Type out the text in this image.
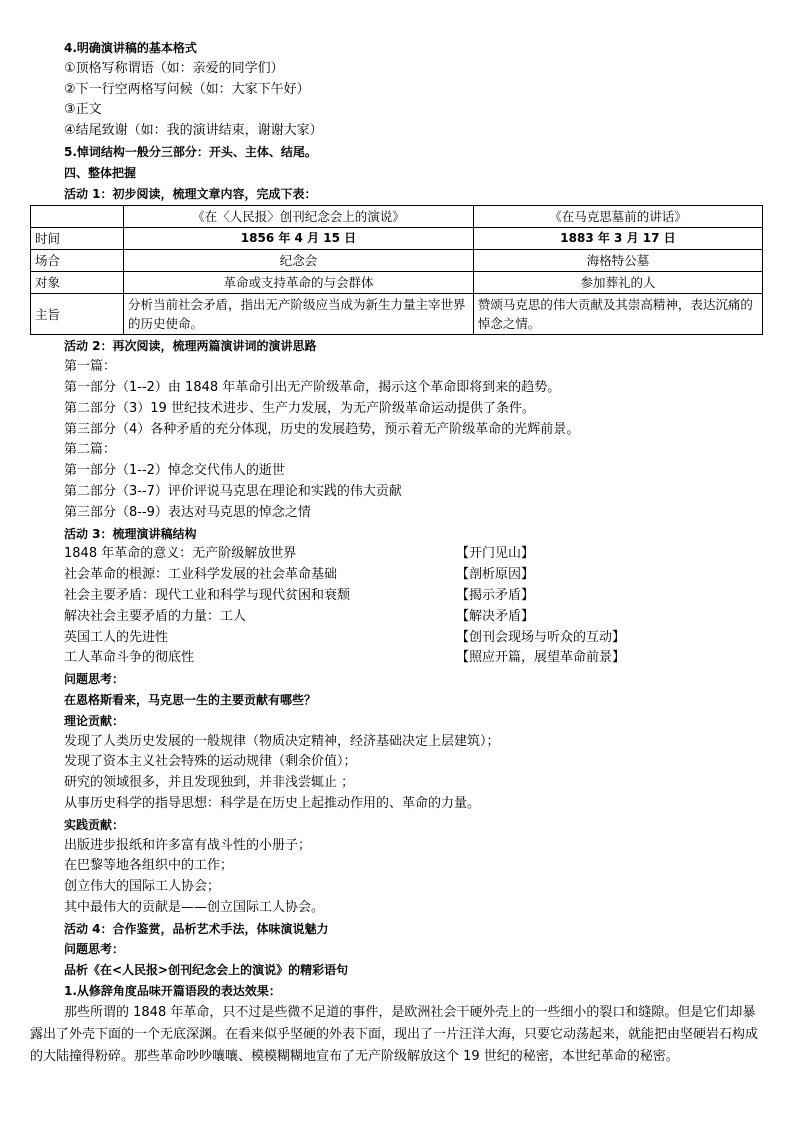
4.明确演讲稿的基本格式
①顶格写称谓语（如：亲爱的同学们）
②下一行空两格写问候（如：大家下午好）
③正文
④结尾致谢（如：我的演讲结束，谢谢大家）
5.悼词结构一般分三部分：开头、主体、结尾。
四、整体把握
活动 1：初步阅读，梳理文章内容，完成下表：
	《在〈人民报〉创刊纪念会上的演说》	《在马克思墓前的讲话》
时间	1856 年 4 月 15 日	1883 年 3 月 17 日
场合	纪念会	海格特公墓
对象	革命或支持革命的与会群体	参加葬礼的人
主旨	分析当前社会矛盾，指出无产阶级应当成为新生力量主宰世界的历史使命。	赞颂马克思的伟大贡献及其崇高精神，表达沉痛的悼念之情。
活动 2：再次阅读，梳理两篇演讲词的演讲思路
第一篇：
第一部分（1--2）由 1848 年革命引出无产阶级革命，揭示这个革命即将到来的趋势。
第二部分（3）19 世纪技术进步、生产力发展，为无产阶级革命运动提供了条件。
第三部分（4）各种矛盾的充分体现，历史的发展趋势，预示着无产阶级革命的光辉前景。
第二篇：
第一部分（1--2）悼念交代伟人的逝世
第二部分（3--7）评价评说马克思在理论和实践的伟大贡献
第三部分（8--9）表达对马克思的悼念之情
活动 3：梳理演讲稿结构
1848 年革命的意义：无产阶级解放世界	【开门见山】
社会革命的根源：工业科学发展的社会革命基础	【剖析原因】
社会主要矛盾：现代工业和科学与现代贫困和衰颓	【揭示矛盾】
解决社会主要矛盾的力量：工人	【解决矛盾】
英国工人的先进性	【创刊会现场与听众的互动】
工人革命斗争的彻底性	【照应开篇，展望革命前景】
问题思考：
在恩格斯看来，马克思一生的主要贡献有哪些？
理论贡献：
发现了人类历史发展的一般规律（物质决定精神，经济基础决定上层建筑）；
发现了资本主义社会特殊的运动规律（剩余价值）；
研究的领域很多，并且发现独到，并非浅尝辄止 ；
从事历史科学的指导思想：科学是在历史上起推动作用的、革命的力量。
实践贡献：
出版进步报纸和许多富有战斗性的小册子；
在巴黎等地各组织中的工作；
创立伟大的国际工人协会；
其中最伟大的贡献是——创立国际工人协会。
活动 4：合作鉴赏，品析艺术手法，体味演说魅力
问题思考：
品析《在<人民报>创刊纪念会上的演说》的精彩语句
1.从修辞角度品味开篇语段的表达效果：
那些所谓的 1848 年革命，只不过是些微不足道的事件，是欧洲社会干硬外壳上的一些细小的裂口和缝隙。但是它们却暴露出了外壳下面的一个无底深渊。在看来似乎坚硬的外表下面，现出了一片汪洋大海，只要它动荡起来，就能把由坚硬岩石构成的大陆撞得粉碎。那些革命吵吵嚷嚷、模模糊糊地宣布了无产阶级解放这个 19 世纪的秘密，本世纪革命的秘密。
